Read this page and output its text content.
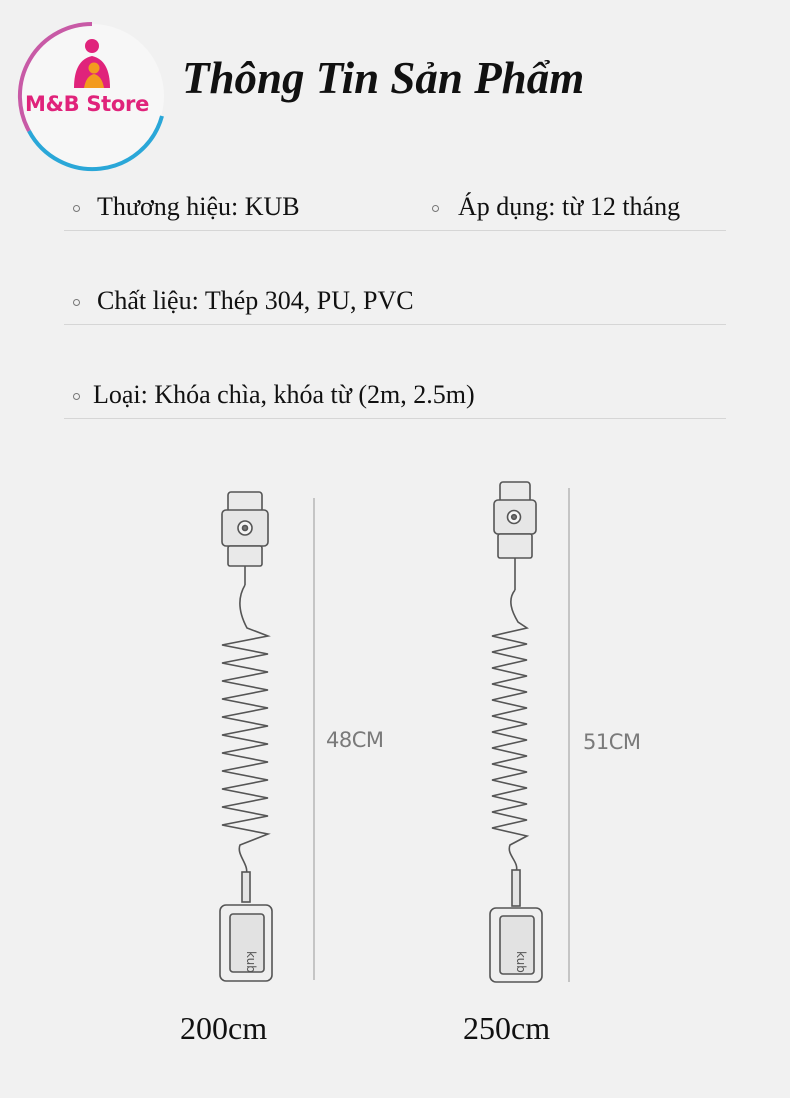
M&B Store
Thông Tin Sản Phẩm
Thương hiệu: KUB	Áp dụng: từ 12 tháng
Chất liệu: Thép 304, PU, PVC
Loại: Khóa chìa, khóa từ (2m, 2.5m)
kub	kub
48CM	51CM
200cm	250cm
